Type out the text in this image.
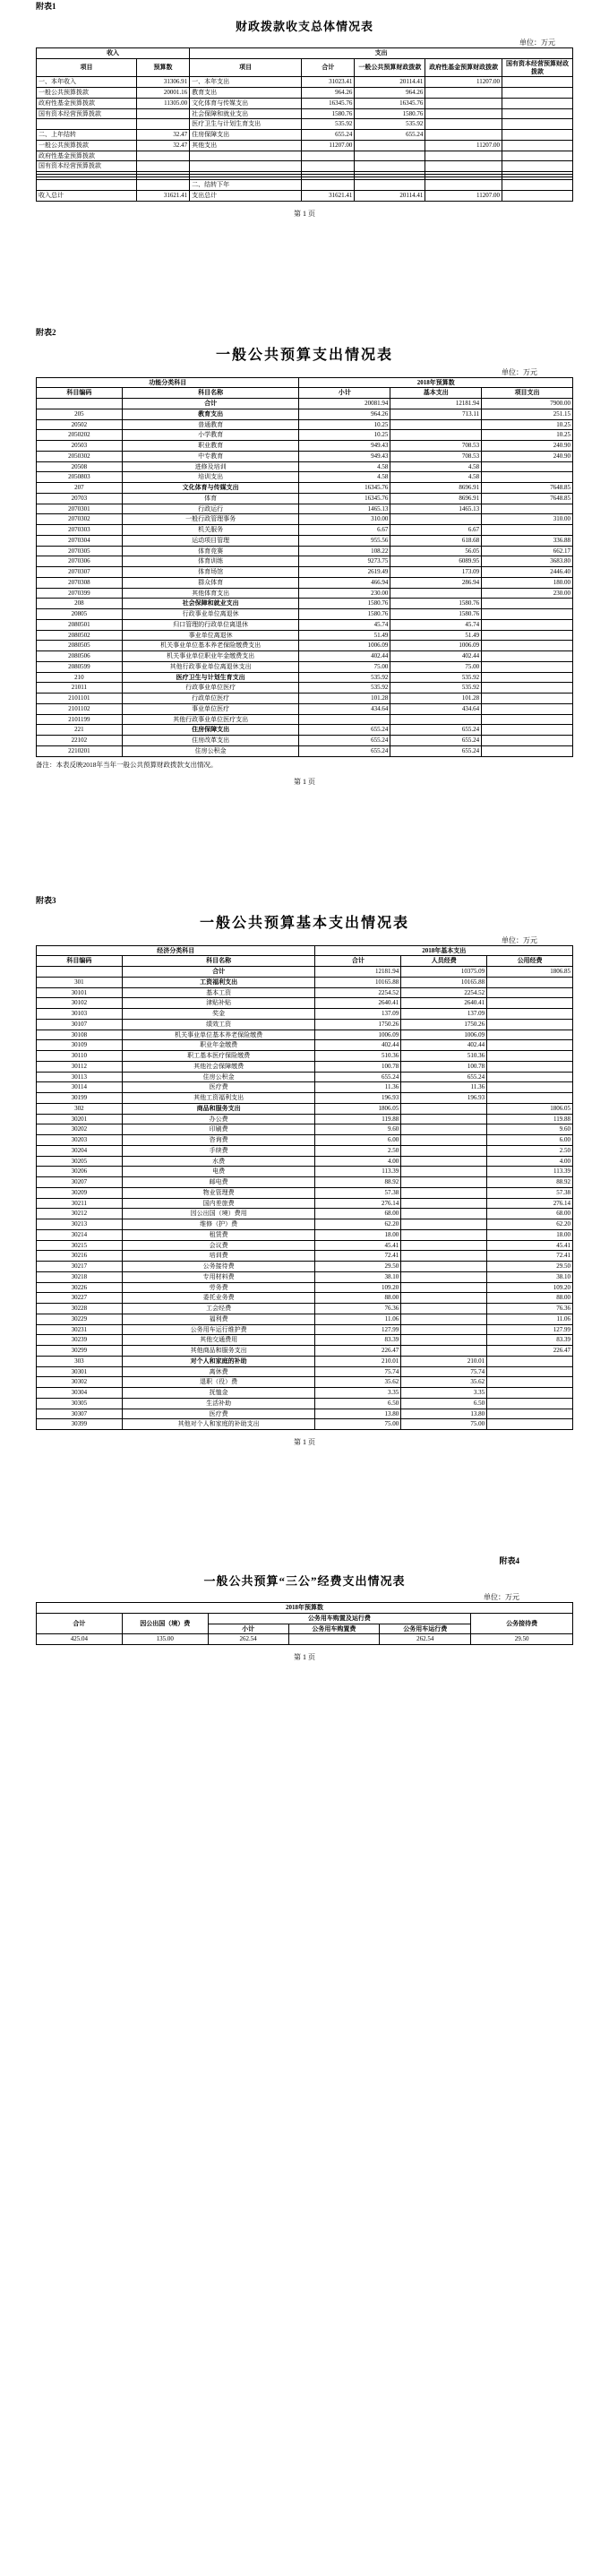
附表1
财政拨款收支总体情况表
单位：万元
收入		支出				
项目	预算数	项目	合计	一般公共预算财政拨款	政府性基金预算财政拨款	国有资本经营预算财政拨款
一、本年收入	31306.91	一、本年支出	31023.41	20114.41	11207.00	
一般公共预算拨款	20001.16	教育支出	964.26	964.26		
政府性基金预算拨款	11305.00	文化体育与传媒支出	16345.76	16345.76		
国有资本经营预算拨款		社会保障和就业支出	1580.76	1580.76		
		医疗卫生与计划生育支出	535.92	535.92		
二、上年结转	32.47	住房保障支出	655.24	655.24		
一般公共预算拨款	32.47	其他支出	11207.00		11207.00	
政府性基金预算拨款						
国有资本经营预算拨款						

		二、结转下年				
收入总计	31621.41	支出总计	31621.41	20114.41	11207.00	
第 1 页
附表2
一般公共预算支出情况表
单位：万元
功能分类科目		2018年预算数		
科目编码	科目名称	小计	基本支出	项目支出
	合计	20081.94	12181.94	7900.00
205	教育支出	964.26	713.11	251.15
20502	普通教育	10.25		10.25
2050202	小学教育	10.25		10.25
20503	职业教育	949.43	708.53	240.90
2050302	中专教育	949.43	708.53	240.90
20508	进修及培训	4.58	4.58	
2050803	培训支出	4.58	4.58	
207	文化体育与传媒支出	16345.76	8696.91	7648.85
20703	体育	16345.76	8696.91	7648.85
2070301	行政运行	1465.13	1465.13	
2070302	一般行政管理事务	310.00		310.00
2070303	机关服务	6.67	6.67	
2070304	运动项目管理	955.56	618.68	336.88
2070305	体育竞赛	108.22	56.05	662.17
2070306	体育训练	9273.75	6089.95	3683.80
2070307	体育场馆	2619.49	173.09	2446.40
2070308	群众体育	466.94	286.94	180.00
2070399	其他体育支出	230.00		230.00
208	社会保障和就业支出	1580.76	1580.76	
20805	行政事业单位离退休	1580.76	1580.76	
2080501	归口管理的行政单位离退休	45.74	45.74	
2080502	事业单位离退休	51.49	51.49	
2080505	机关事业单位基本养老保险缴费支出	1006.09	1006.09	
2080506	机关事业单位职业年金缴费支出	402.44	402.44	
2080599	其他行政事业单位离退休支出	75.00	75.00	
210	医疗卫生与计划生育支出	535.92	535.92	
21011	行政事业单位医疗	535.92	535.92	
2101101	行政单位医疗	101.28	101.28	
2101102	事业单位医疗	434.64	434.64	
2101199	其他行政事业单位医疗支出			
221	住房保障支出	655.24	655.24	
22102	住房改革支出	655.24	655.24	
2210201	住房公积金	655.24	655.24	
备注：本表反映2018年当年一般公共预算财政拨款支出情况。
第 1 页
附表3
一般公共预算基本支出情况表
单位：万元
经济分类科目		2018年基本支出		
科目编码	科目名称	合计	人员经费	公用经费
	合计	12181.94	10375.09	1806.85
301	工资福利支出	10165.88	10165.88	
30101	基本工资	2254.52	2254.52	
30102	津贴补贴	2640.41	2640.41	
30103	奖金	137.09	137.09	
30107	绩效工资	1750.26	1750.26	
30108	机关事业单位基本养老保险缴费	1006.09	1006.09	
30109	职业年金缴费	402.44	402.44	
30110	职工基本医疗保险缴费	510.36	510.36	
30112	其他社会保障缴费	100.78	100.78	
30113	住房公积金	655.24	655.24	
30114	医疗费	11.36	11.36	
30199	其他工资福利支出	196.93	196.93	
302	商品和服务支出	1806.05		1806.05
30201	办公费	119.88		119.88
30202	印刷费	9.60		9.60
30203	咨询费	6.00		6.00
30204	手续费	2.50		2.50
30205	水费	4.00		4.00
30206	电费	113.39		113.39
30207	邮电费	88.92		88.92
30209	物业管理费	57.38		57.38
30211	国内差旅费	276.14		276.14
30212	因公出国（境）费用	68.00		68.00
30213	维修（护）费	62.20		62.20
30214	租赁费	18.00		18.00
30215	会议费	45.41		45.41
30216	培训费	72.41		72.41
30217	公务接待费	29.50		29.50
30218	专用材料费	38.10		38.10
30226	劳务费	109.20		109.20
30227	委托业务费	88.00		88.00
30228	工会经费	76.36		76.36
30229	福利费	11.06		11.06
30231	公务用车运行维护费	127.99		127.99
30239	其他交通费用	83.39		83.39
30299	其他商品和服务支出	226.47		226.47
303	对个人和家庭的补助	210.01	210.01	
30301	离休费	75.74	75.74	
30302	退职（役）费	35.62	35.62	
30304	抚恤金	3.35	3.35	
30305	生活补助	6.50	6.50	
30307	医疗费	13.80	13.80	
30399	其他对个人和家庭的补助支出	75.00	75.00	
第 1 页
附表4
一般公共预算“三公”经费支出情况表
单位：万元
2018年预算数					
合计	因公出国（境）费	公务用车购置及运行费			公务接待费
		小计	公务用车购置费	公务用车运行费	
425.04	135.00	262.54		262.54	29.50
第 1 页
